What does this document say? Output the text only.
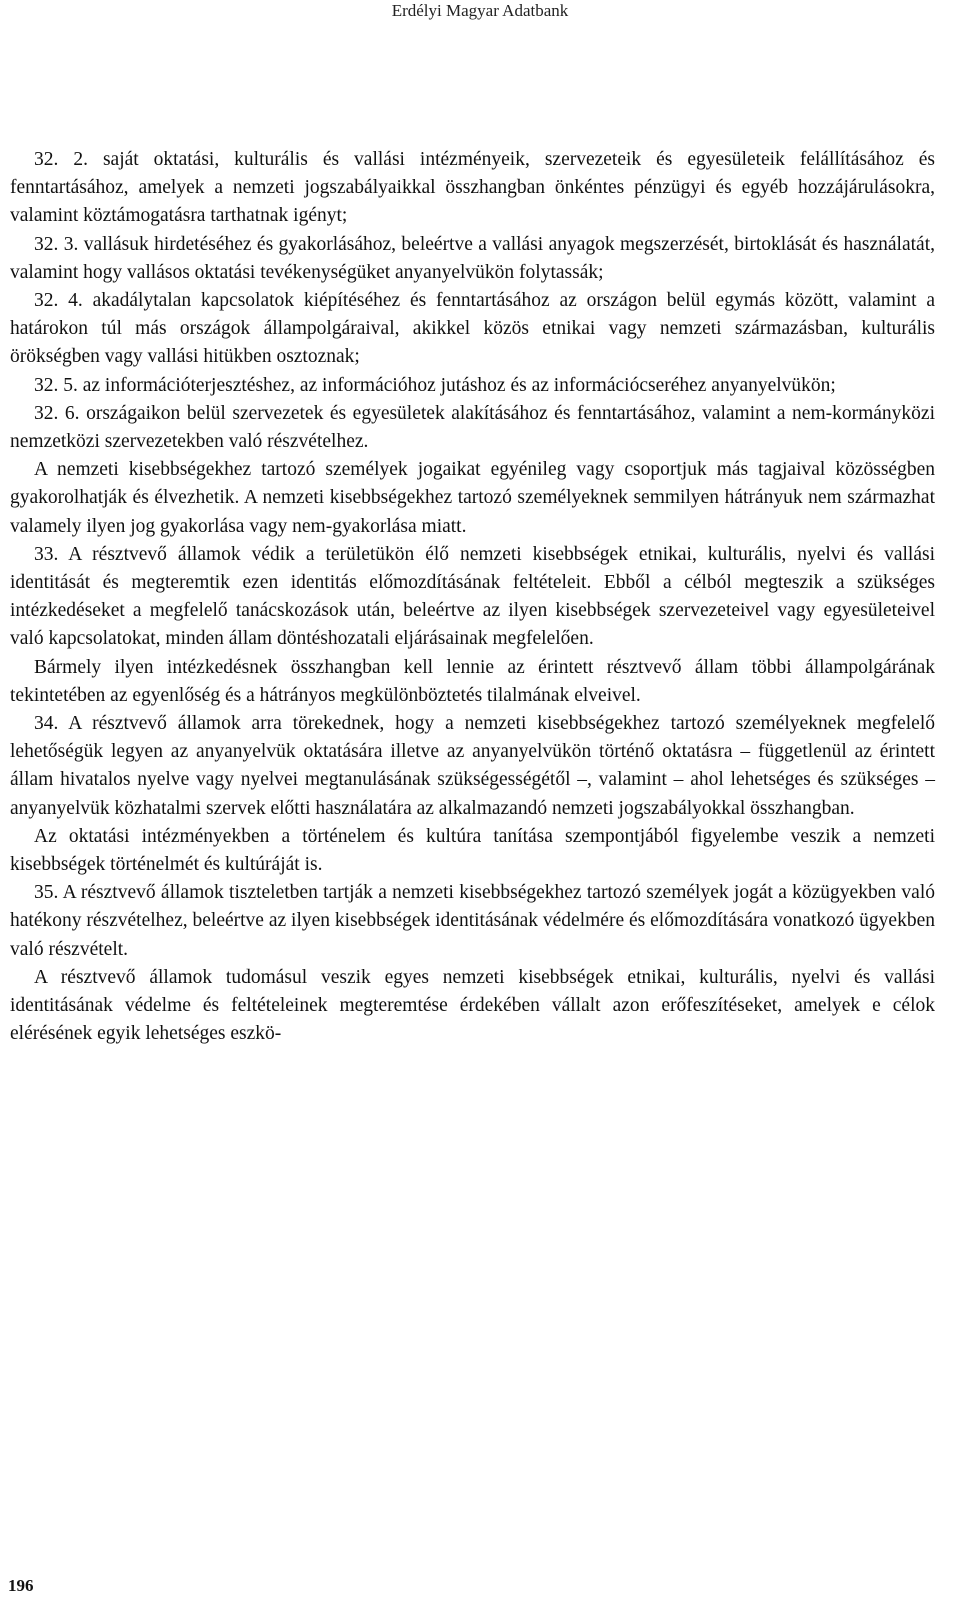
Erdélyi Magyar Adatbank

32. 2. saját oktatási, kulturális és vallási intézményeik, szervezeteik és egyesületeik felállításához és fenntartásához, amelyek a nemzeti jogszabályaikkal összhangban önkéntes pénzügyi és egyéb hozzájárulásokra, valamint köztámogatásra tarthatnak igényt;

32. 3. vallásuk hirdetéséhez és gyakorlásához, beleértve a vallási anyagok megszerzését, birtoklását és használatát, valamint hogy vallásos oktatási tevékenységüket anyanyelvükön folytassák;

32. 4. akadálytalan kapcsolatok kiépítéséhez és fenntartásához az országon belül egymás között, valamint a határokon túl más országok állampolgáraival, akikkel közös etnikai vagy nemzeti származásban, kulturális örökségben vagy vallási hitükben osztoznak;

32. 5. az információterjesztéshez, az információhoz jutáshoz és az információcseréhez anyanyelvükön;

32. 6. országaikon belül szervezetek és egyesületek alakításához és fenntartásához, valamint a nem-kormányközi nemzetközi szervezetekben való részvételhez.

A nemzeti kisebbségekhez tartozó személyek jogaikat egyénileg vagy csoportjuk más tagjaival közösségben gyakorolhatják és élvezhetik. A nemzeti kisebbségekhez tartozó személyeknek semmilyen hátrányuk nem származhat valamely ilyen jog gyakorlása vagy nem-gyakorlása miatt.

33. A résztvevő államok védik a területükön élő nemzeti kisebbségek etnikai, kulturális, nyelvi és vallási identitását és megteremtik ezen identitás előmozdításának feltételeit. Ebből a célból megteszik a szükséges intézkedéseket a megfelelő tanácskozások után, beleértve az ilyen kisebbségek szervezeteivel vagy egyesületeivel való kapcsolatokat, minden állam döntéshozatali eljárásainak megfelelően.

Bármely ilyen intézkedésnek összhangban kell lennie az érintett résztvevő állam többi állampolgárának tekintetében az egyenlőség és a hátrányos megkülönböztetés tilalmának elveivel.

34. A résztvevő államok arra törekednek, hogy a nemzeti kisebbségekhez tartozó személyeknek megfelelő lehetőségük legyen az anyanyelvük oktatására illetve az anyanyelvükön történő oktatásra – függetlenül az érintett állam hivatalos nyelve vagy nyelvei megtanulásának szükségességétől –, valamint – ahol lehetséges és szükséges – anyanyelvük közhatalmi szervek előtti használatára az alkalmazandó nemzeti jogszabályokkal összhangban.

Az oktatási intézményekben a történelem és kultúra tanítása szempontjából figyelembe veszik a nemzeti kisebbségek történelmét és kultúráját is.

35. A résztvevő államok tiszteletben tartják a nemzeti kisebbségekhez tartozó személyek jogát a közügyekben való hatékony részvételhez, beleértve az ilyen kisebbségek identitásának védelmére és előmozdítására vonatkozó ügyekben való részvételt.

A résztvevő államok tudomásul veszik egyes nemzeti kisebbségek etnikai, kulturális, nyelvi és vallási identitásának védelme és feltételeinek megteremtése érdekében vállalt azon erőfeszítéseket, amelyek e célok elérésének egyik lehetséges eszkö-

196
